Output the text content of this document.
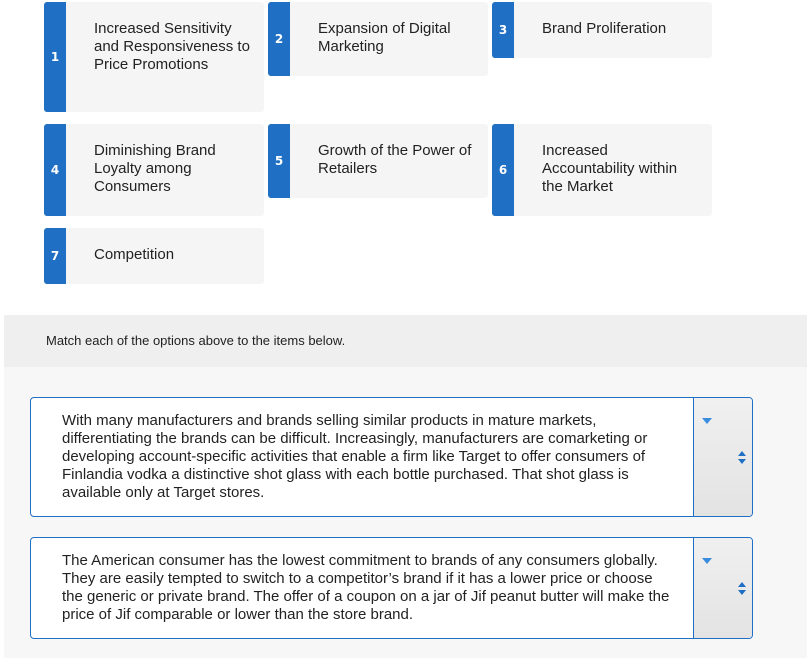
1
Increased Sensitivity and Responsiveness to Price Promotions
2
Expansion of Digital Marketing
3	Brand Proliferation
4
Diminishing Brand Loyalty among Consumers
5
Growth of the Power of Retailers	6
Increased Accountability within the Market
7	Competition
Match each of the options above to the items below.
With many manufacturers and brands selling similar products in mature markets, differentiating the brands can be difficult. Increasingly, manufacturers are comarketing or developing account-specific activities that enable a firm like Target to offer consumers of Finlandia vodka a distinctive shot glass with each bottle purchased. That shot glass is available only at Target stores.
The American consumer has the lowest commitment to brands of any consumers globally. They are easily tempted to switch to a competitor’s brand if it has a lower price or choose the generic or private brand. The offer of a coupon on a jar of Jif peanut butter will make the price of Jif comparable or lower than the store brand.
